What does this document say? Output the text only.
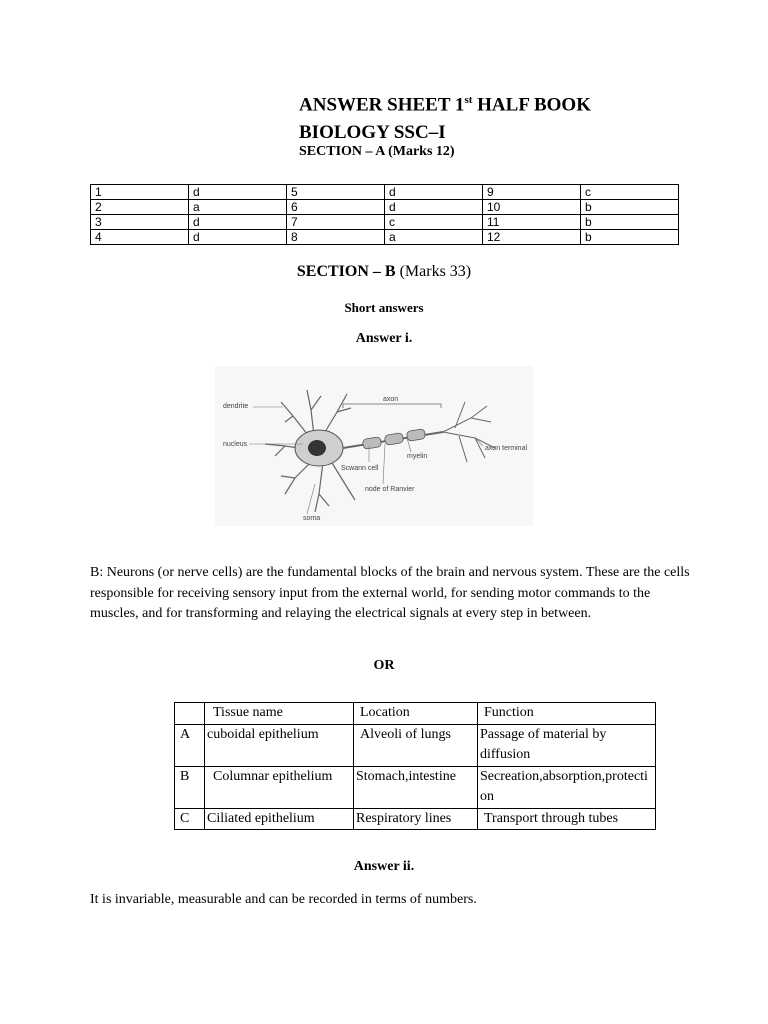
ANSWER SHEET 1st HALF BOOK
BIOLOGY SSC–I
SECTION – A (Marks 12)
1	d	5	d	9	c
2	a	6	d	10	b
3	d	7	c	11	b
4	d	8	a	12	b
SECTION – B (Marks 33)
Short answers
Answer i.
dendrite
nucleus
axon
myelin
Scwann cell
node of Ranvier
soma
axon terminal
B: Neurons (or nerve cells) are the fundamental blocks of the brain and nervous system. These are the cells responsible for receiving sensory input from the external world, for sending motor commands to the muscles, and for transforming and relaying the electrical signals at every step in between.
OR
	Tissue name	Location	Function
A	cuboidal epithelium	Alveoli of lungs	Passage of material by diffusion
B	Columnar epithelium	Stomach,intestine	Secreation,absorption,protection
C	Ciliated epithelium	Respiratory lines	Transport through tubes
Answer ii.
It is invariable, measurable and can be recorded in terms of numbers.
